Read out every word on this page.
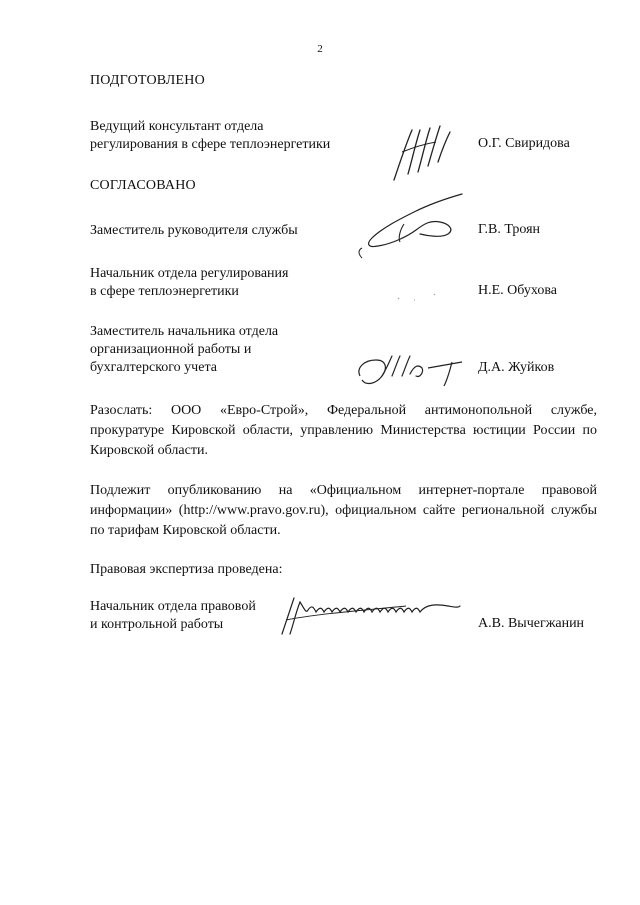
2
ПОДГОТОВЛЕНО
Ведущий консультант отдела
регулирования в сфере теплоэнергетики	О.Г. Свиридова
СОГЛАСОВАНО
Заместитель руководителя службы	Г.В. Троян
Начальник отдела регулирования
в сфере теплоэнергетики	Н.Е. Обухова
Заместитель начальника отдела
организационной работы и
бухгалтерского учета	Д.А. Жуйков
Разослать: ООО «Евро-Строй», Федеральной антимонопольной службе, прокуратуре Кировской области, управлению Министерства юстиции России по Кировской области.
Подлежит опубликованию на «Официальном интернет-портале правовой информации» (http://www.pravo.gov.ru), официальном сайте региональной службы по тарифам Кировской области.
Правовая экспертиза проведена:
Начальник отдела правовой
и контрольной работы	А.В. Вычегжанин
